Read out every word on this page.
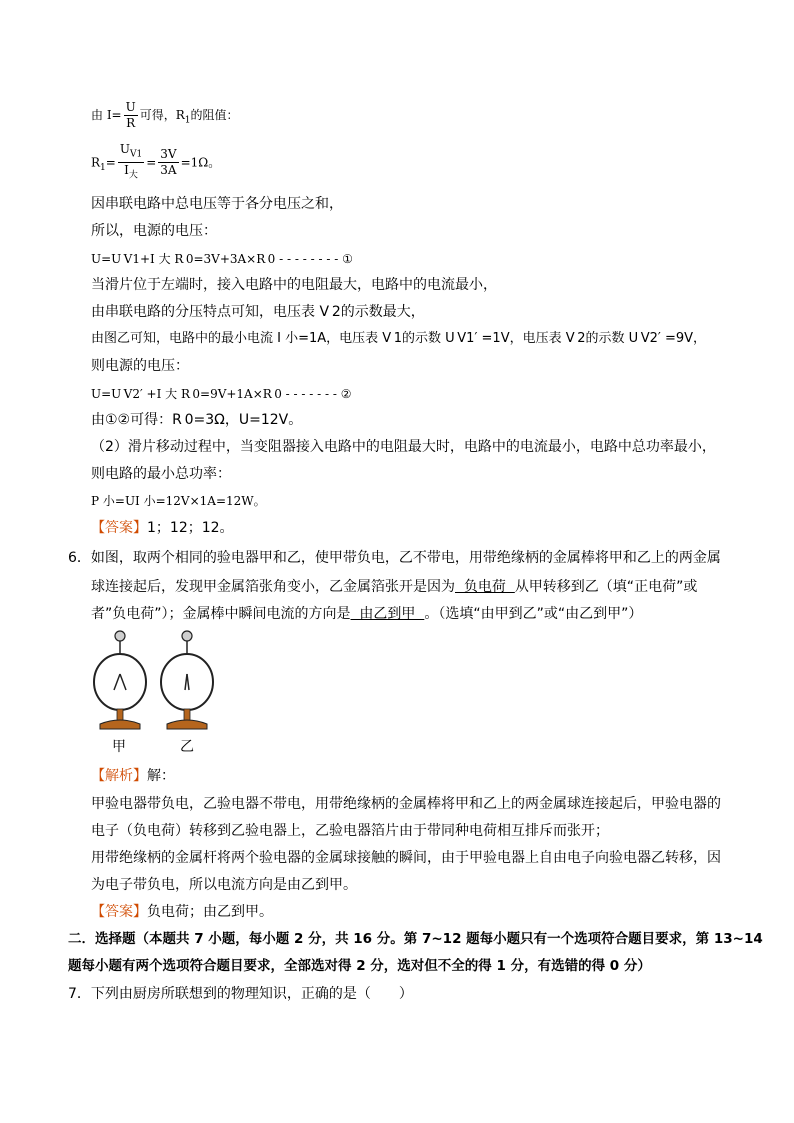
由 $I= \frac{U}{R}$ 可得，$R_1$的阻值：
$R_1= \frac{U_{V1}}{I_大} = \frac{3V}{3A} =1\Omega$。
因串联电路中总电压等于各分电压之和，
所以，电源的电压：
U=U V1+I 大 R 0=3V+3A×R 0 - - - - - - - - ①
当滑片位于左端时，接入电路中的电阻最大，电路中的电流最小，
由串联电路的分压特点可知，电压表 V 2的示数最大，
由图乙可知，电路中的最小电流 I 小=1A，电压表 V 1的示数 U V1′ =1V，电压表 V 2的示数 U V2′ =9V，
则电源的电压：
U=U V2′ +I 大 R 0=9V+1A×R 0 - - - - - - - ②
由①②可得：R 0=3Ω，U=12V。
（2）滑片移动过程中，当变阻器接入电路中的电阻最大时，电路中的电流最小，电路中总功率最小，
则电路的最小总功率：
P 小=UI 小=12V×1A=12W。
【答案】1；12；12。
6．如图，取两个相同的验电器甲和乙，使甲带负电，乙不带电，用带绝缘柄的金属棒将甲和乙上的两金属
球连接起后，发现甲金属箔张角变小，乙金属箔张开是因为  负电荷  从甲转移到乙（填“正电荷”或
者”负电荷”）；金属棒中瞬间电流的方向是  由乙到甲  。（选填“由甲到乙”或“由乙到甲”）
甲	乙
【解析】解：
甲验电器带负电，乙验电器不带电，用带绝缘柄的金属棒将甲和乙上的两金属球连接起后，甲验电器的
电子（负电荷）转移到乙验电器上，乙验电器箔片由于带同种电荷相互排斥而张开；
用带绝缘柄的金属杆将两个验电器的金属球接触的瞬间，由于甲验电器上自由电子向验电器乙转移，因
为电子带负电，所以电流方向是由乙到甲。
【答案】负电荷；由乙到甲。
二．选择题（本题共 7 小题，每小题 2 分，共 16 分。第 7~12 题每小题只有一个选项符合题目要求，第 13~14
题每小题有两个选项符合题目要求，全部选对得 2 分，选对但不全的得 1 分，有选错的得 0 分）
7．下列由厨房所联想到的物理知识，正确的是（　　）
